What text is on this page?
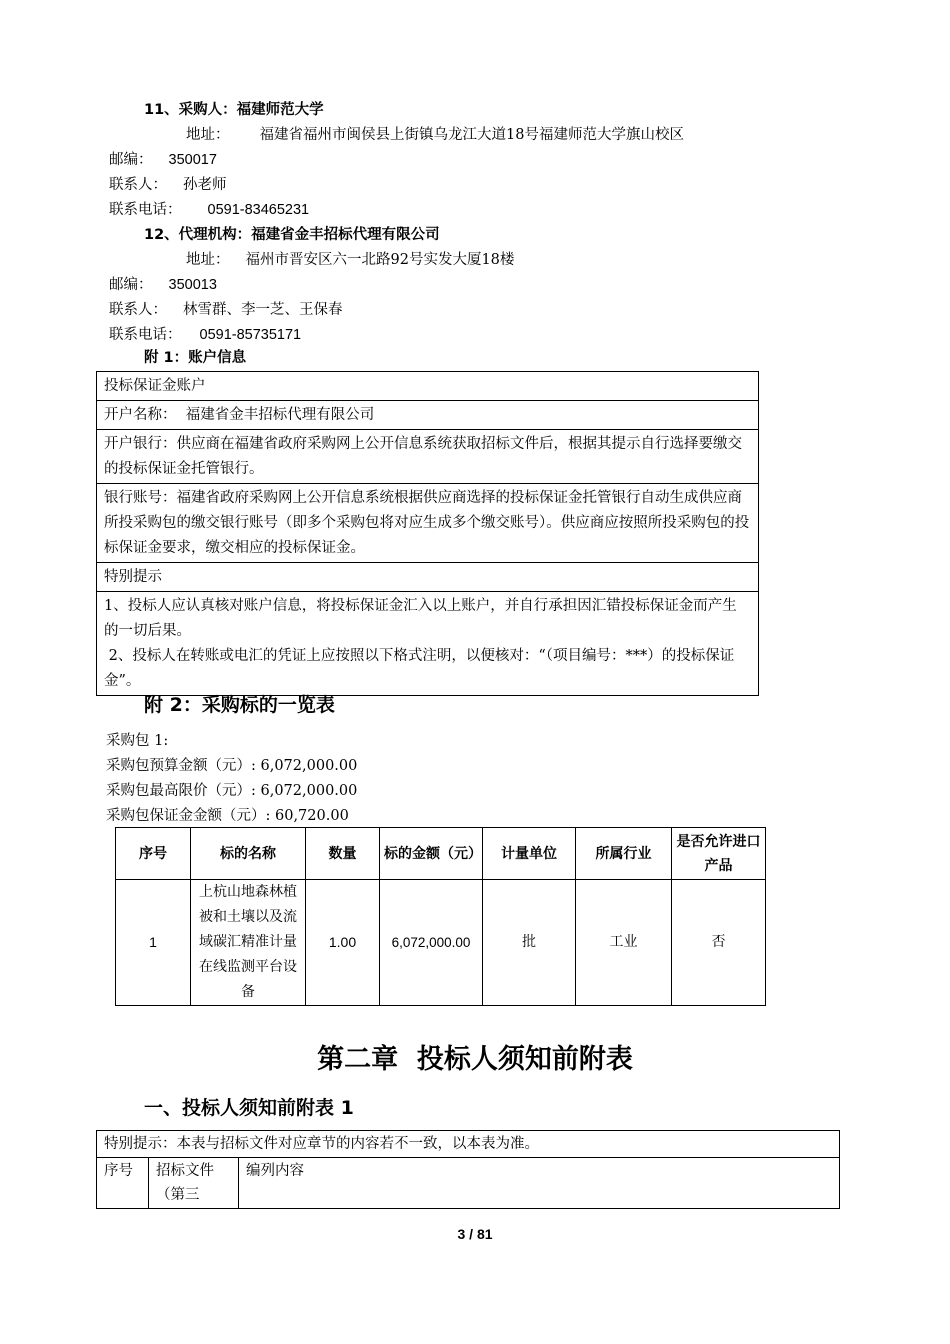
11、采购人：福建师范大学
地址： 福建省福州市闽侯县上街镇乌龙江大道18号福建师范大学旗山校区
邮编： 350017
联系人： 孙老师
联系电话： 0591-83465231
12、代理机构：福建省金丰招标代理有限公司
地址： 福州市晋安区六一北路92号实发大厦18楼
邮编： 350013
联系人： 林雪群、李一芝、王保春
联系电话： 0591-85735171
附 1：账户信息
投标保证金账户
开户名称：  福建省金丰招标代理有限公司
开户银行：供应商在福建省政府采购网上公开信息系统获取招标文件后，根据其提示自行选择要缴交的投标保证金托管银行。
银行账号：福建省政府采购网上公开信息系统根据供应商选择的投标保证金托管银行自动生成供应商所投采购包的缴交银行账号（即多个采购包将对应生成多个缴交账号）。供应商应按照所投采购包的投标保证金要求，缴交相应的投标保证金。
特别提示
1、投标人应认真核对账户信息，将投标保证金汇入以上账户，并自行承担因汇错投标保证金而产生的一切后果。
2、投标人在转账或电汇的凭证上应按照以下格式注明，以便核对：“（项目编号：***）的投标保证金”。
附 2：采购标的一览表
采购包 1:
采购包预算金额（元）: 6,072,000.00
采购包最高限价（元）: 6,072,000.00
采购包保证金金额（元）: 60,720.00
序号	标的名称	数量	标的金额（元）	计量单位	所属行业	是否允许进口产品
1	上杭山地森林植被和土壤以及流域碳汇精准计量在线监测平台设备	1.00	6,072,000.00	批	工业	否
第二章  投标人须知前附表
一、投标人须知前附表 1
特别提示：本表与招标文件对应章节的内容若不一致，以本表为准。
序号	招标文件（第三	编列内容
3 / 81
